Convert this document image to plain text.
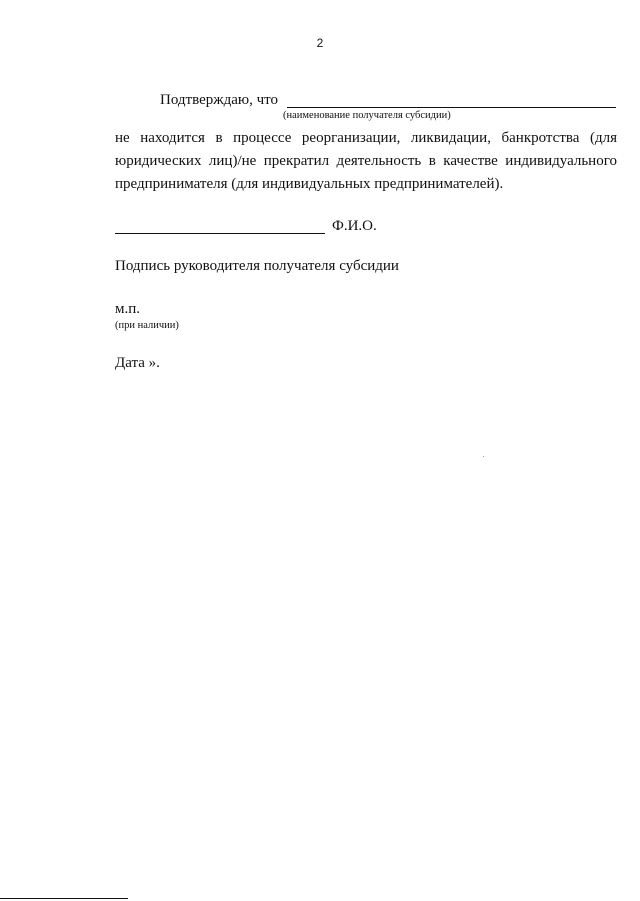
2
Подтверждаю, что
(наименование получателя субсидии)

не находится в процессе реорганизации, ликвидации, банкротства (для юридических лиц)/не прекратил деятельность в качестве индивидуального предпринимателя (для индивидуальных предпринимателей).

Ф.И.О.
Подпись руководителя получателя субсидии
м.п.
(при наличии)
Дата ».
